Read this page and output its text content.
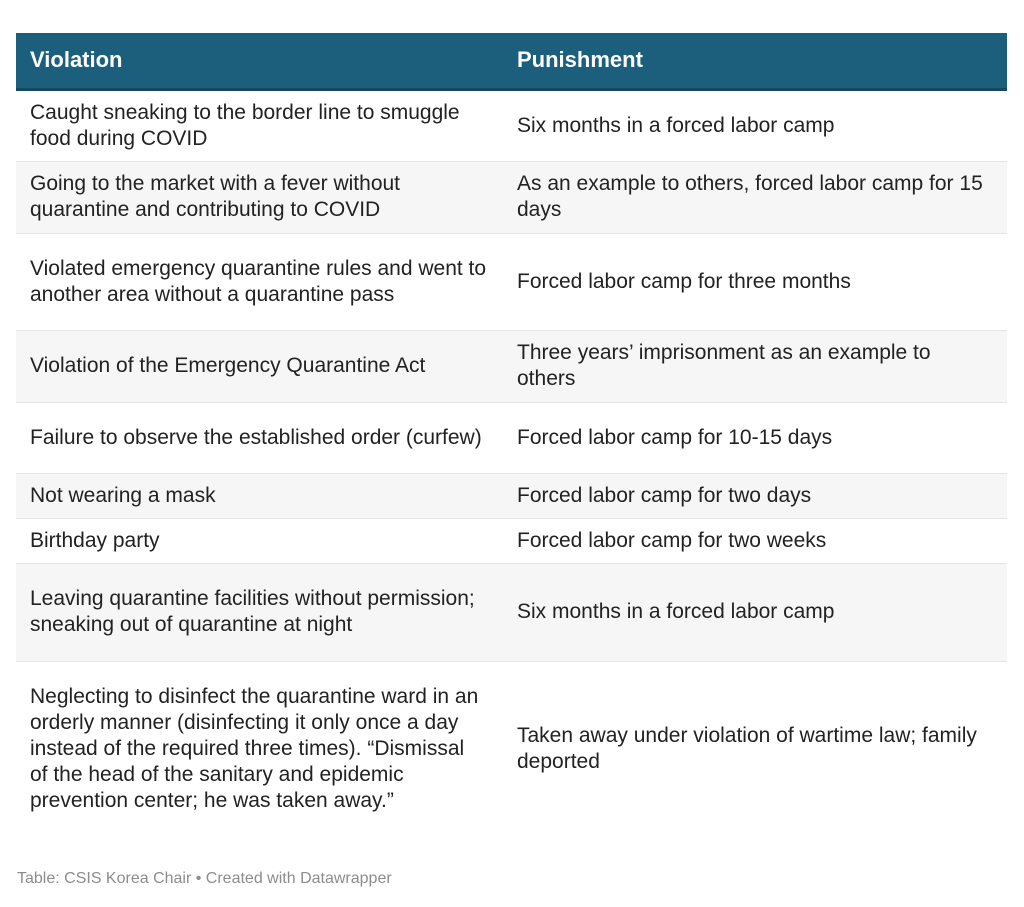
Violation	Punishment
Caught sneaking to the border line to smuggle food during COVID	Six months in a forced labor camp
Going to the market with a fever without quarantine and contributing to COVID	As an example to others, forced labor camp for 15 days
Violated emergency quarantine rules and went to another area without a quarantine pass	Forced labor camp for three months
Violation of the Emergency Quarantine Act	Three years’ imprisonment as an example to others
Failure to observe the established order (curfew)	Forced labor camp for 10-15 days
Not wearing a mask	Forced labor camp for two days
Birthday party	Forced labor camp for two weeks
Leaving quarantine facilities without permission; sneaking out of quarantine at night	Six months in a forced labor camp
Neglecting to disinfect the quarantine ward in an orderly manner (disinfecting it only once a day instead of the required three times). “Dismissal of the head of the sanitary and epidemic prevention center; he was taken away.”	Taken away under violation of wartime law; family deported
Table: CSIS Korea Chair • Created with Datawrapper
